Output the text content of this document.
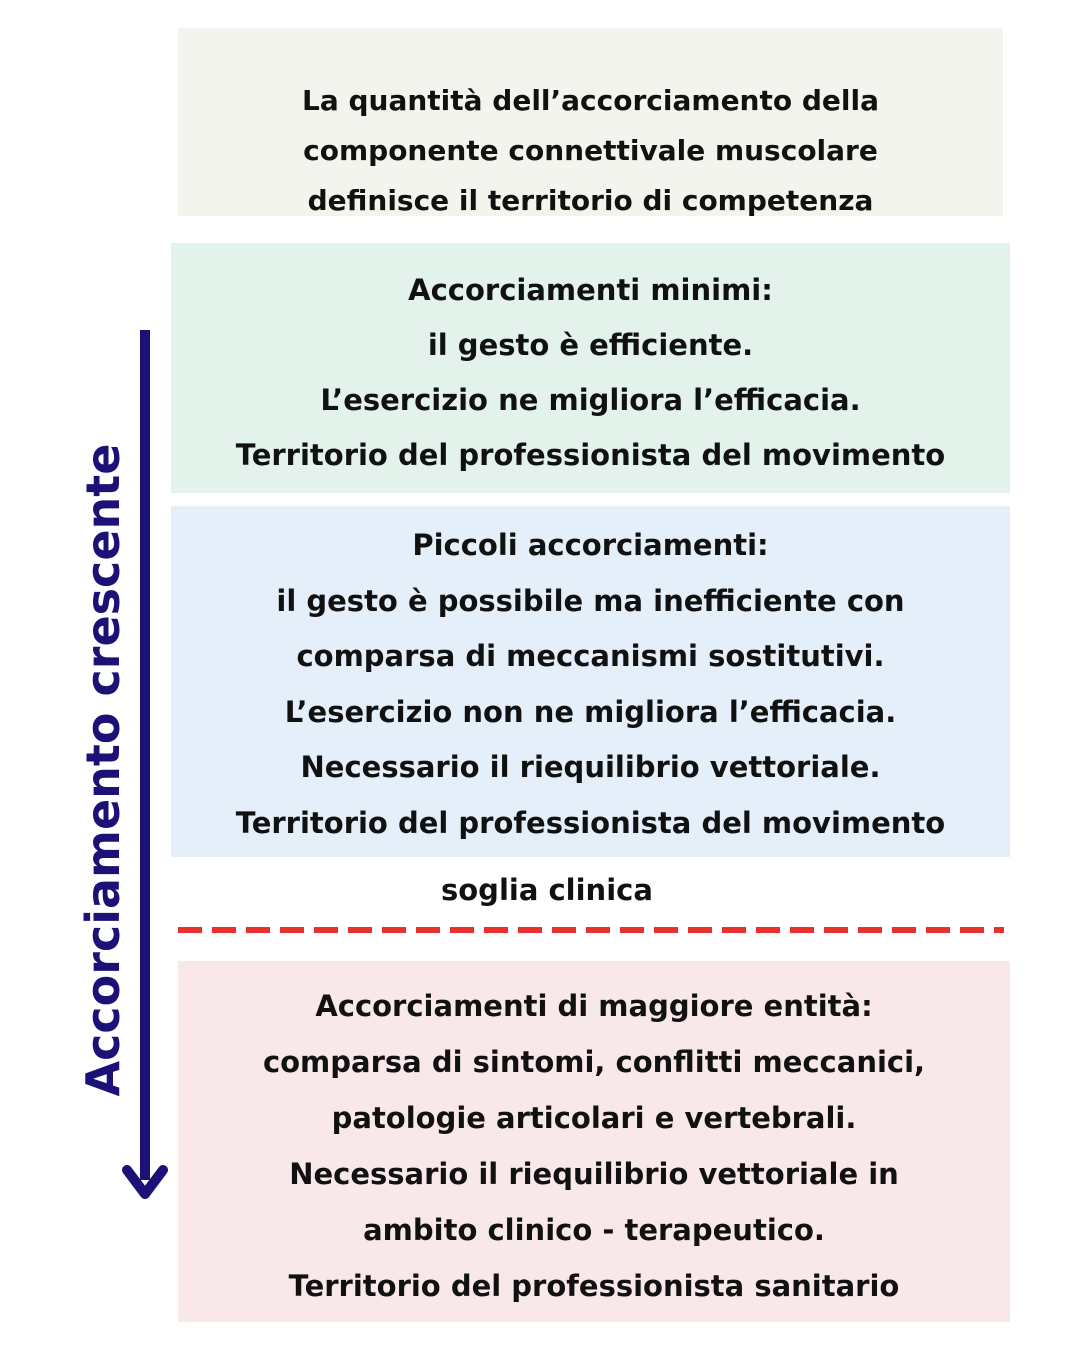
La quantità dell’accorciamento della
componente connettivale muscolare
definisce il territorio di competenza
Accorciamenti minimi:
il gesto è efficiente.
L’esercizio ne migliora l’efficacia.
Territorio del professionista del movimento
Piccoli accorciamenti:
il gesto è possibile ma inefficiente con
comparsa di meccanismi sostitutivi.
L’esercizio non ne migliora l’efficacia.
Necessario il riequilibrio vettoriale.
Territorio del professionista del movimento
soglia clinica
Accorciamenti di maggiore entità:
comparsa di sintomi, conflitti meccanici,
patologie articolari e vertebrali.
Necessario il riequilibrio vettoriale in
ambito clinico - terapeutico.
Territorio del professionista sanitario
Accorciamento crescente
